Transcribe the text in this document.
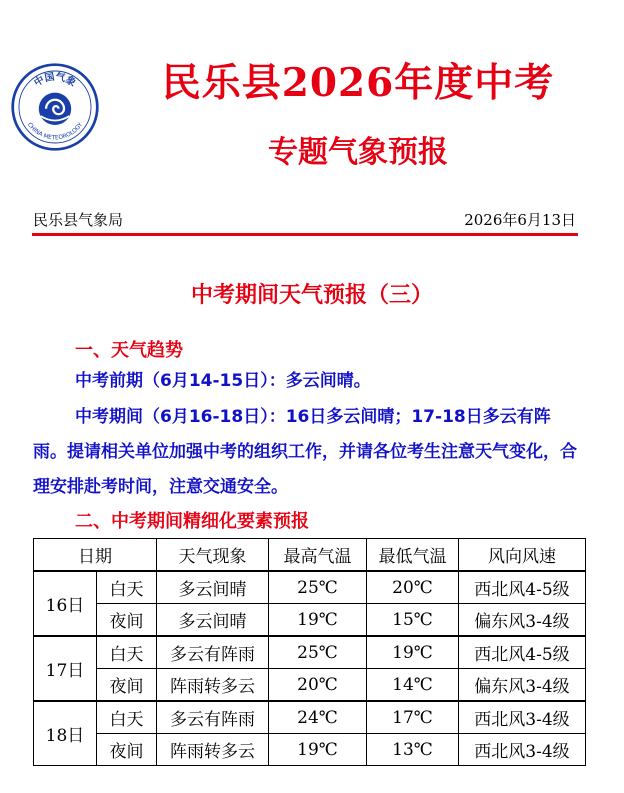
中国气象
CHINA METEOROLOGY
民乐县2026年度中考
专题气象预报
民乐县气象局	2026年6月13日
中考期间天气预报（三）
一、天气趋势
中考前期（6月14-15日）：多云间晴。
中考期间（6月16-18日）：16日多云间晴；17-18日多云有阵雨。提请相关单位加强中考的组织工作，并请各位考生注意天气变化，合理安排赴考时间，注意交通安全。
二、中考期间精细化要素预报
日期		天气现象	最高气温	最低气温	风向风速
16日	白天	多云间晴	25℃	20℃	西北风4-5级
	夜间	多云间晴	19℃	15℃	偏东风3-4级
17日	白天	多云有阵雨	25℃	19℃	西北风4-5级
	夜间	阵雨转多云	20℃	14℃	偏东风3-4级
18日	白天	多云有阵雨	24℃	17℃	西北风3-4级
	夜间	阵雨转多云	19℃	13℃	西北风3-4级
